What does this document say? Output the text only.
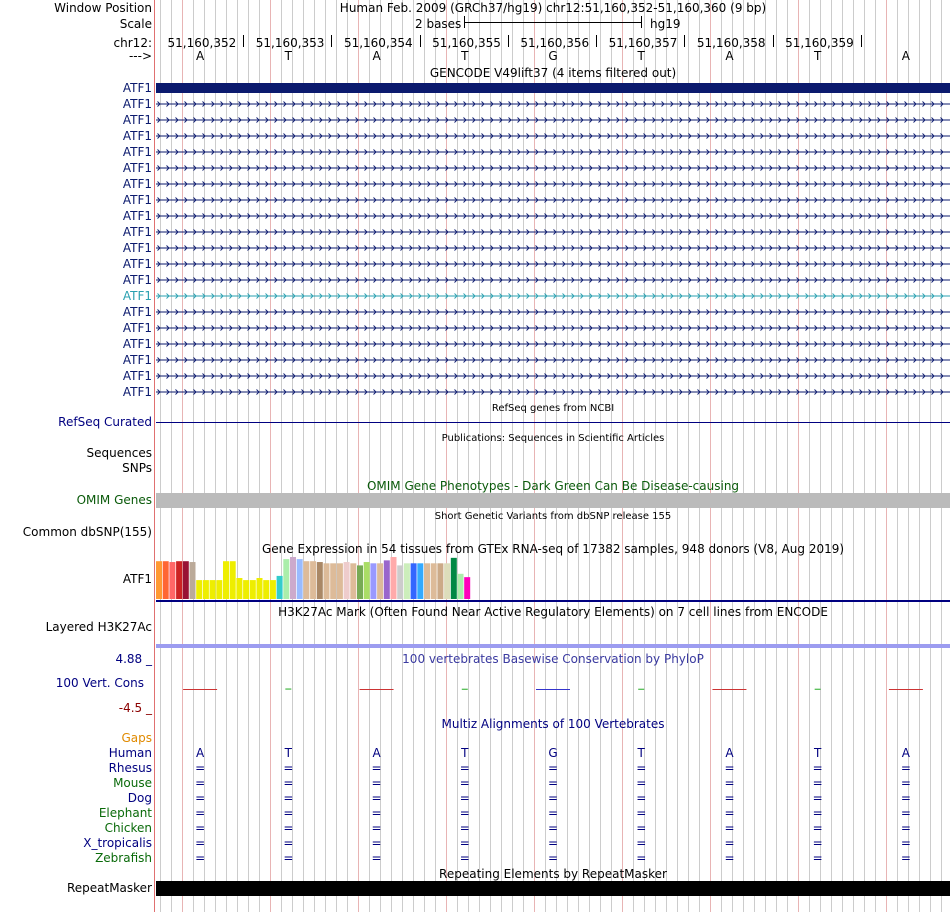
Window Position	Human Feb. 2009 (GRCh37/hg19) chr12:51,160,352-51,160,360 (9 bp)
Scale	2 bases	hg19
chr12: 51,160,352 51,160,353 51,160,354 51,160,355 51,160,356 51,160,357 51,160,358 51,160,359
--->	A	T	A	T	G	T	A	T	A
GENCODE V49lift37 (4 items filtered out)
ATF1
ATF1
ATF1
ATF1
ATF1
ATF1
ATF1
ATF1
ATF1
ATF1
ATF1
ATF1
ATF1
ATF1
ATF1
ATF1
ATF1
ATF1
ATF1
ATF1
RefSeq genes from NCBI
RefSeq Curated
Publications: Sequences in Scientific Articles
Sequences
SNPs
OMIM Gene Phenotypes - Dark Green Can Be Disease-causing
OMIM Genes
Short Genetic Variants from dbSNP release 155
Common dbSNP(155)
Gene Expression in 54 tissues from GTEx RNA-seq of 17382 samples, 948 donors (V8, Aug 2019)
ATF1
H3K27Ac Mark (Often Found Near Active Regulatory Elements) on 7 cell lines from ENCODE
Layered H3K27Ac
4.88 _	100 vertebrates Basewise Conservation by PhyloP
100 Vert. Cons
-4.5 _
Multiz Alignments of 100 Vertebrates
Gaps
Human	A	T	A	T	G	T	A	T	A
Rhesus	=	=	=	=	=	=	=	=	=
Mouse	=	=	=	=	=	=	=	=	=
Dog	=	=	=	=	=	=	=	=	=
Elephant	=	=	=	=	=	=	=	=	=
Chicken	=	=	=	=	=	=	=	=	=
X_tropicalis	=	=	=	=	=	=	=	=	=
Zebrafish	=	=	=	=	=	=	=	=	=
Repeating Elements by RepeatMasker
RepeatMasker
